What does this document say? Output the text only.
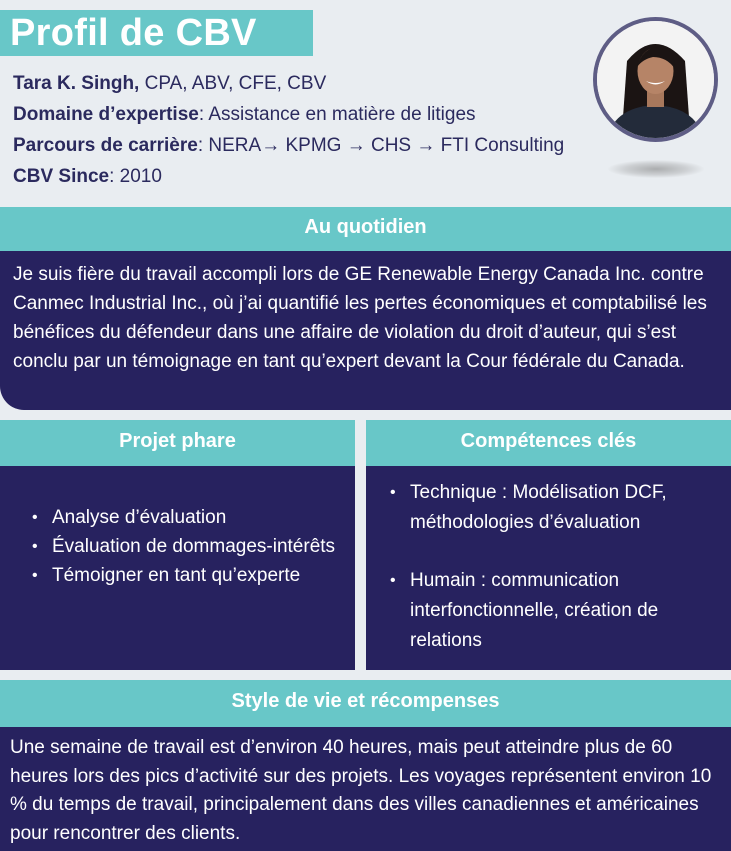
Profil de CBV
Tara K. Singh, CPA, ABV, CFE, CBV
Domaine d’expertise: Assistance en matière de litiges
Parcours de carrière: NERA→ KPMG → CHS → FTI Consulting
CBV Since: 2010
Au quotidien

Je suis fière du travail accompli lors de GE Renewable Energy Canada Inc. contre Canmec Industrial Inc., où j’ai quantifié les pertes économiques et comptabilisé les bénéfices du défendeur dans une affaire de violation du droit d’auteur, qui s’est conclu par un témoignage en tant qu’expert devant la Cour fédérale du Canada.

Projet phare	Compétences clés
• Analyse d’évaluation
• Évaluation de dommages-intérêts
• Témoigner en tant qu’experte
• Technique : Modélisation DCF, méthodologies d’évaluation
• Humain : communication interfonctionnelle, création de relations
Style de vie et récompenses

Une semaine de travail est d’environ 40 heures, mais peut atteindre plus de 60 heures lors des pics d’activité sur des projets. Les voyages représentent environ 10 % du temps de travail, principalement dans des villes canadiennes et américaines pour rencontrer des clients.
